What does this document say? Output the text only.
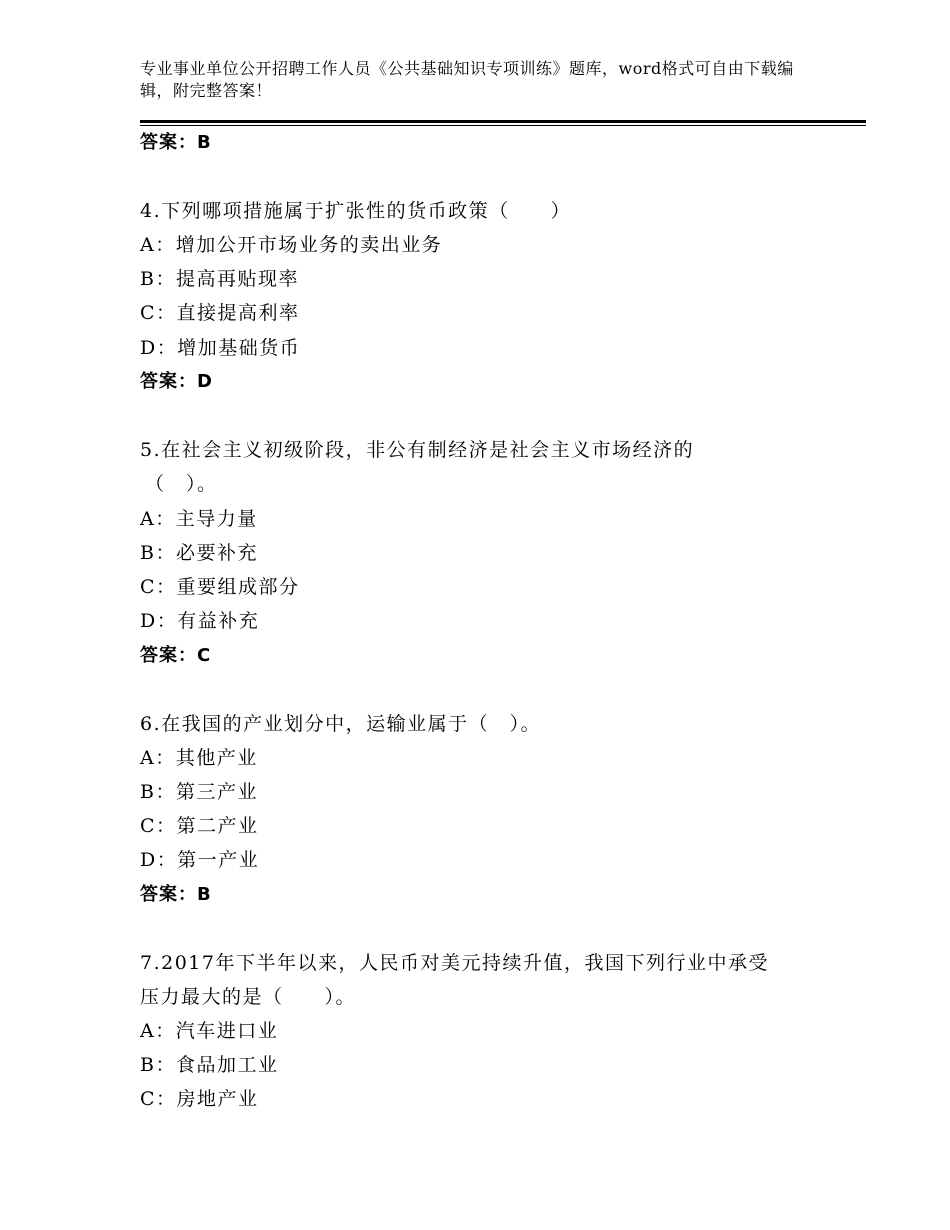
专业事业单位公开招聘工作人员《公共基础知识专项训练》题库，word格式可自由下载编辑，附完整答案！
答案：B
4.下列哪项措施属于扩张性的货币政策（　　）
A：增加公开市场业务的卖出业务
B：提高再贴现率
C：直接提高利率
D：增加基础货币
答案：D
5.在社会主义初级阶段，非公有制经济是社会主义市场经济的
（　）。
A：主导力量
B：必要补充
C：重要组成部分
D：有益补充
答案：C
6.在我国的产业划分中，运输业属于（　）。
A：其他产业
B：第三产业
C：第二产业
D：第一产业
答案：B
7.2017年下半年以来，人民币对美元持续升值，我国下列行业中承受
压力最大的是（　　）。
A：汽车进口业
B：食品加工业
C：房地产业
